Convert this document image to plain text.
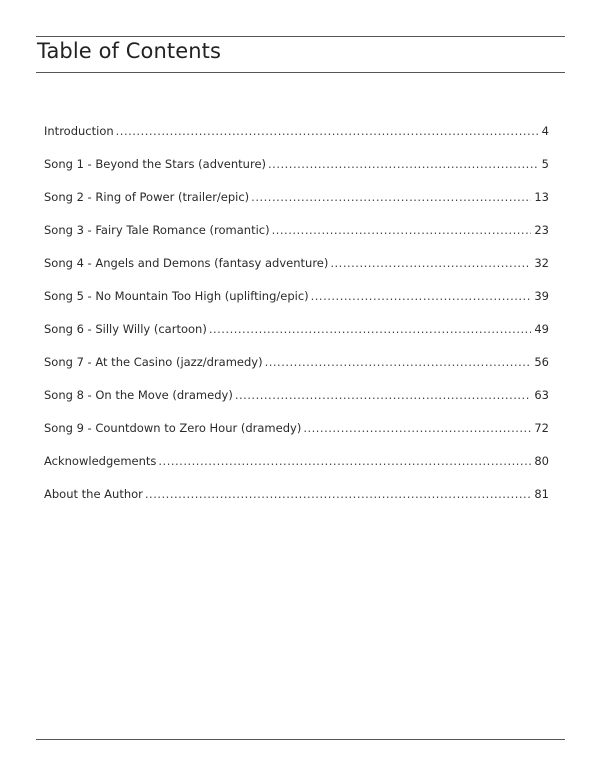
Table of Contents
Introduction .....	4
Song 1 - Beyond the Stars (adventure) .....	5
Song 2 - Ring of Power (trailer/epic) .....	13
Song 3 - Fairy Tale Romance (romantic) .....	23
Song 4 - Angels and Demons (fantasy adventure) .....	32
Song 5 - No Mountain Too High (uplifting/epic) .....	39
Song 6 - Silly Willy (cartoon) .....	49
Song 7 - At the Casino (jazz/dramedy) .....	56
Song 8 - On the Move (dramedy) .....	63
Song 9 - Countdown to Zero Hour (dramedy) .....	72
Acknowledgements .....	80
About the Author .....	81
